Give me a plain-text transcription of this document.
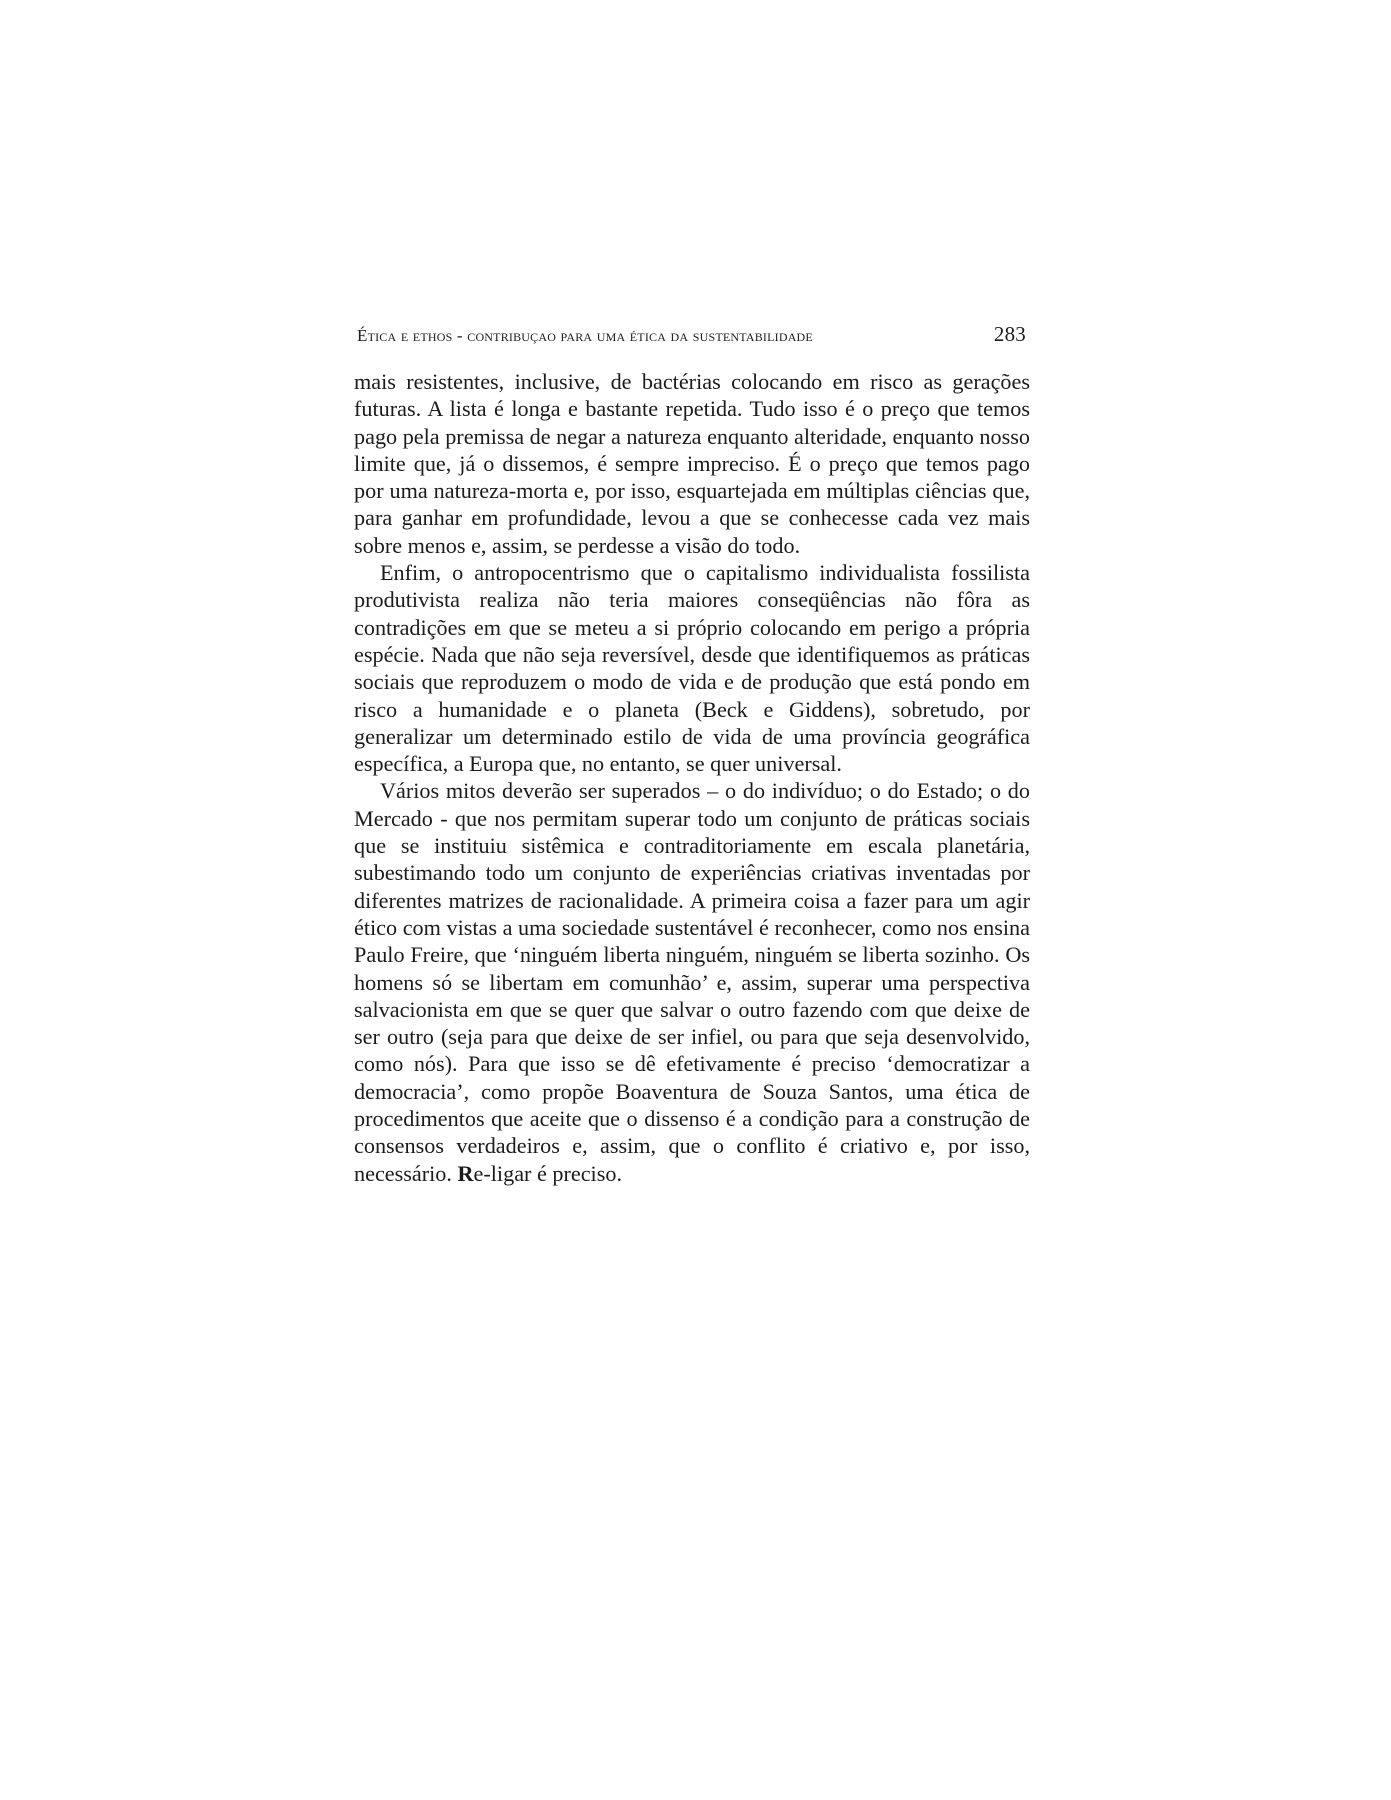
Ética e ethos - contribuçao para uma ética da sustentabilidade	283

mais resistentes, inclusive, de bactérias colocando em risco as gerações futuras. A lista é longa e bastante repetida. Tudo isso é o preço que temos pago pela premissa de negar a natureza enquanto alteridade, enquanto nosso limite que, já o dissemos, é sempre impreciso. É o preço que temos pago por uma natureza-morta e, por isso, esquartejada em múltiplas ciências que, para ganhar em profundidade, levou a que se conhecesse cada vez mais sobre menos e, assim, se perdesse a visão do todo.

Enfim, o antropocentrismo que o capitalismo individualista fossilista produtivista realiza não teria maiores conseqüências não fôra as contradições em que se meteu a si próprio colocando em perigo a própria espécie. Nada que não seja reversível, desde que identifiquemos as práticas sociais que reproduzem o modo de vida e de produção que está pondo em risco a humanidade e o planeta (Beck e Giddens), sobretudo, por generalizar um determinado estilo de vida de uma província geográfica específica, a Europa que, no entanto, se quer universal.

Vários mitos deverão ser superados – o do indivíduo; o do Estado; o do Mercado - que nos permitam superar todo um conjunto de práticas sociais que se instituiu sistêmica e contraditoriamente em escala planetária, subestimando todo um conjunto de experiências criativas inventadas por diferentes matrizes de racionalidade. A primeira coisa a fazer para um agir ético com vistas a uma sociedade sustentável é reconhecer, como nos ensina Paulo Freire, que ‘ninguém liberta ninguém, ninguém se liberta sozinho. Os homens só se libertam em comunhão’ e, assim, superar uma perspectiva salvacionista em que se quer que salvar o outro fazendo com que deixe de ser outro (seja para que deixe de ser infiel, ou para que seja desenvolvido, como nós). Para que isso se dê efetivamente é preciso ‘democratizar a democracia’, como propõe Boaventura de Souza Santos, uma ética de procedimentos que aceite que o dissenso é a condição para a construção de consensos verdadeiros e, assim, que o conflito é criativo e, por isso, necessário. Re-ligar é preciso.
